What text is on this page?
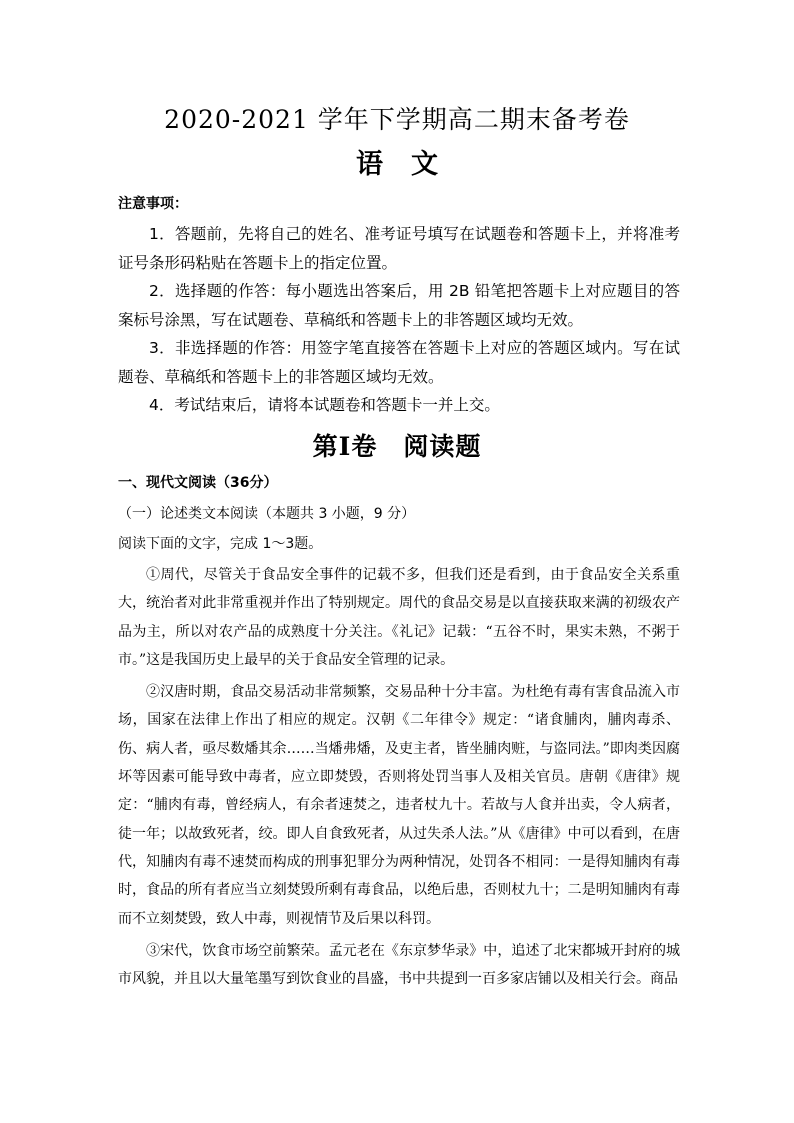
2020-2021 学年下学期高二期末备考卷
语文
注意事项：

1．答题前，先将自己的姓名、准考证号填写在试题卷和答题卡上，并将准考证号条形码粘贴在答题卡上的指定位置。

2．选择题的作答：每小题选出答案后，用 2B 铅笔把答题卡上对应题目的答案标号涂黑，写在试题卷、草稿纸和答题卡上的非答题区域均无效。

3．非选择题的作答：用签字笔直接答在答题卡上对应的答题区域内。写在试题卷、草稿纸和答题卡上的非答题区域均无效。

4．考试结束后，请将本试题卷和答题卡一并上交。

第Ⅰ卷　阅读题
一、现代文阅读（36分）
（一）论述类文本阅读（本题共 3 小题，9 分）
阅读下面的文字，完成 1～3题。

①周代，尽管关于食品安全事件的记载不多，但我们还是看到，由于食品安全关系重大，统治者对此非常重视并作出了特别规定。周代的食品交易是以直接获取来满的初级农产品为主，所以对农产品的成熟度十分关注。《礼记》记载：“五谷不时，果实未熟，不粥于市。”这是我国历史上最早的关于食品安全管理的记录。

②汉唐时期，食品交易活动非常频繁，交易品种十分丰富。为杜绝有毒有害食品流入市场，国家在法律上作出了相应的规定。汉朝《二年律令》规定：“诸食脯肉，脯肉毒杀、伤、病人者，亟尽数燔其余……当燔弗燔，及吏主者，皆坐脯肉赃，与盗同法。”即肉类因腐坏等因素可能导致中毒者，应立即焚毁，否则将处罚当事人及相关官员。唐朝《唐律》规定：“脯肉有毒，曾经病人，有余者速焚之，违者杖九十。若故与人食并出卖，令人病者，徒一年；以故致死者，绞。即人自食致死者，从过失杀人法。”从《唐律》中可以看到，在唐代，知脯肉有毒不速焚而构成的刑事犯罪分为两种情况，处罚各不相同：一是得知脯肉有毒时，食品的所有者应当立刻焚毁所剩有毒食品，以绝后患，否则杖九十；二是明知脯肉有毒而不立刻焚毁，致人中毒，则视情节及后果以科罚。

③宋代，饮食市场空前繁荣。孟元老在《东京梦华录》中，追述了北宋都城开封府的城市风貌，并且以大量笔墨写到饮食业的昌盛，书中共提到一百多家店铺以及相关行会。商品
